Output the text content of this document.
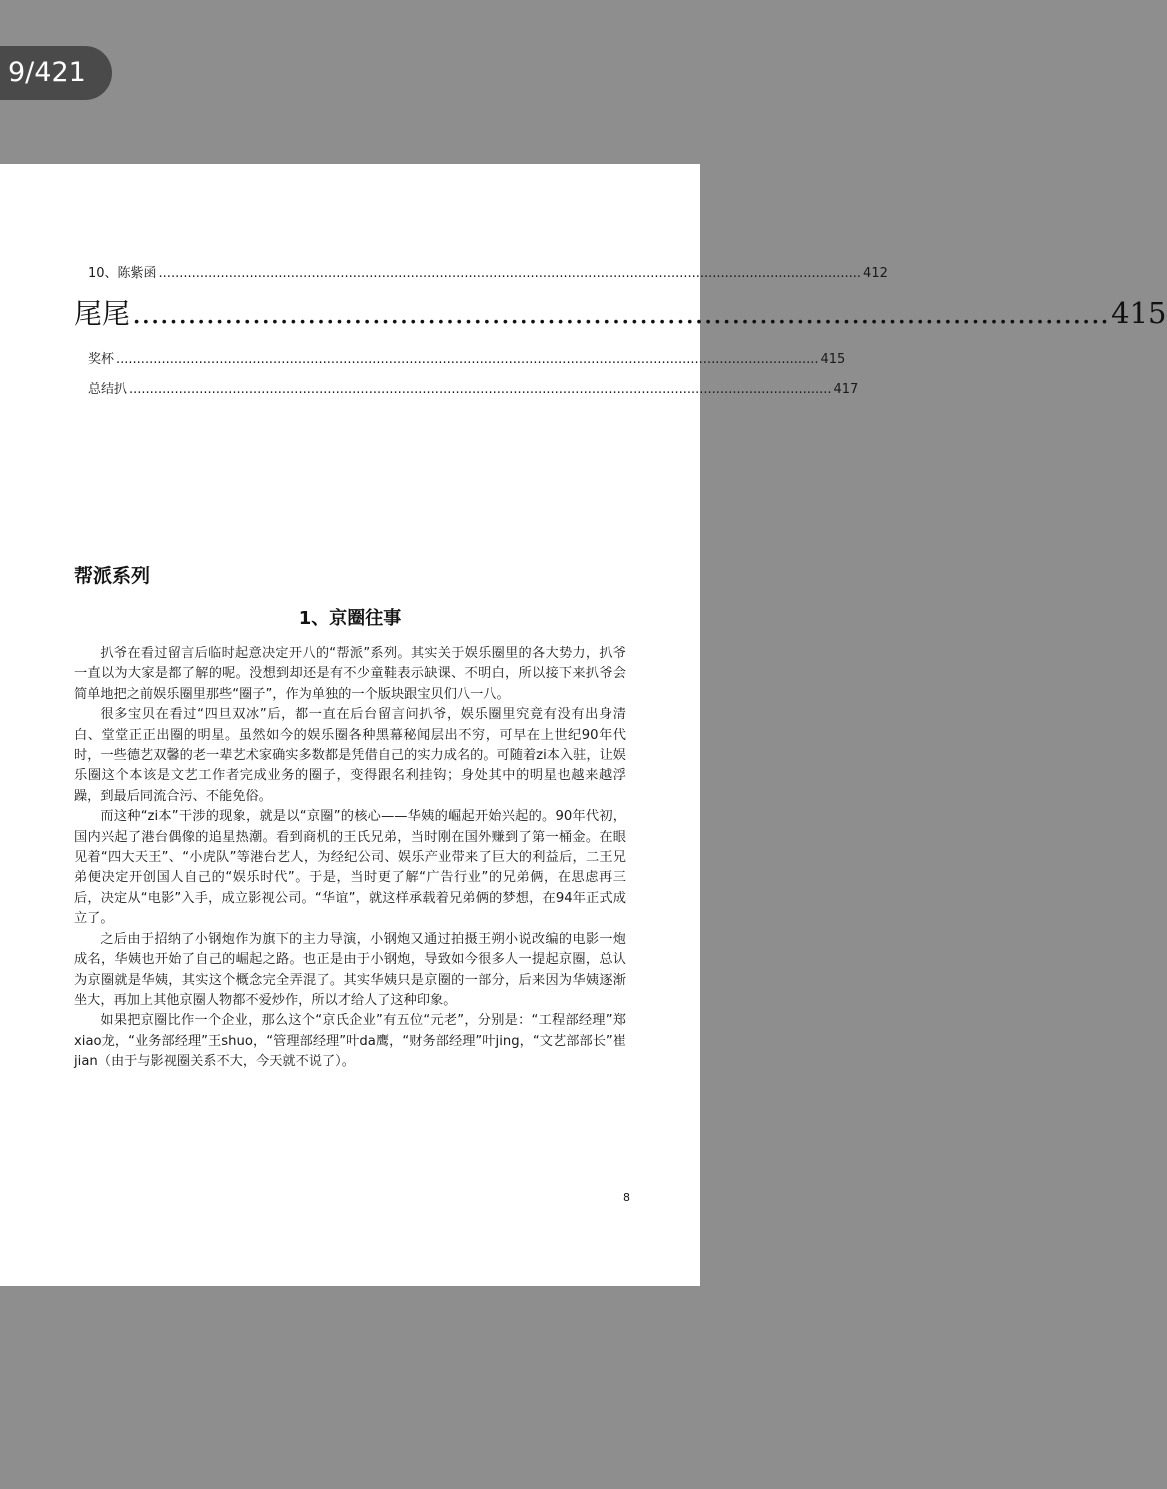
9/421
10、陈紫函 .......................................................................................................................................................................... 412
尾尾 .......................................................................................................... 415
奖杯 .......................................................................................................................................................................... 415
总结扒 .......................................................................................................................................................................... 417
帮派系列
1、京圈往事

扒爷在看过留言后临时起意决定开八的“帮派”系列。其实关于娱乐圈里的各大势力，扒爷一直以为大家是都了解的呢。没想到却还是有不少童鞋表示缺课、不明白，所以接下来扒爷会简单地把之前娱乐圈里那些“圈子”，作为单独的一个版块跟宝贝们八一八。

很多宝贝在看过“四旦双冰”后，都一直在后台留言问扒爷，娱乐圈里究竟有没有出身清白、堂堂正正出圈的明星。虽然如今的娱乐圈各种黑幕秘闻层出不穷，可早在上世纪90年代时，一些德艺双馨的老一辈艺术家确实多数都是凭借自己的实力成名的。可随着zi本入驻，让娱乐圈这个本该是文艺工作者完成业务的圈子，变得跟名利挂钩；身处其中的明星也越来越浮躁，到最后同流合污、不能免俗。

而这种“zi本”干涉的现象，就是以“京圈”的核心——华姨的崛起开始兴起的。90年代初，国内兴起了港台偶像的追星热潮。看到商机的王氏兄弟，当时刚在国外赚到了第一桶金。在眼见着“四大天王”、“小虎队”等港台艺人，为经纪公司、娱乐产业带来了巨大的利益后，二王兄弟便决定开创国人自己的“娱乐时代”。于是，当时更了解“广告行业”的兄弟俩，在思虑再三后，决定从“电影”入手，成立影视公司。“华谊”，就这样承载着兄弟俩的梦想，在94年正式成立了。

之后由于招纳了小钢炮作为旗下的主力导演，小钢炮又通过拍摄王朔小说改编的电影一炮成名，华姨也开始了自己的崛起之路。也正是由于小钢炮，导致如今很多人一提起京圈，总认为京圈就是华姨，其实这个概念完全弄混了。其实华姨只是京圈的一部分，后来因为华姨逐渐坐大，再加上其他京圈人物都不爱炒作，所以才给人了这种印象。

如果把京圈比作一个企业，那么这个“京氏企业”有五位“元老”，分别是：“工程部经理”郑xiao龙，“业务部经理”王shuo，“管理部经理”叶da鹰，“财务部经理”叶jing，“文艺部部长”崔jian（由于与影视圈关系不大，今天就不说了）。

8
